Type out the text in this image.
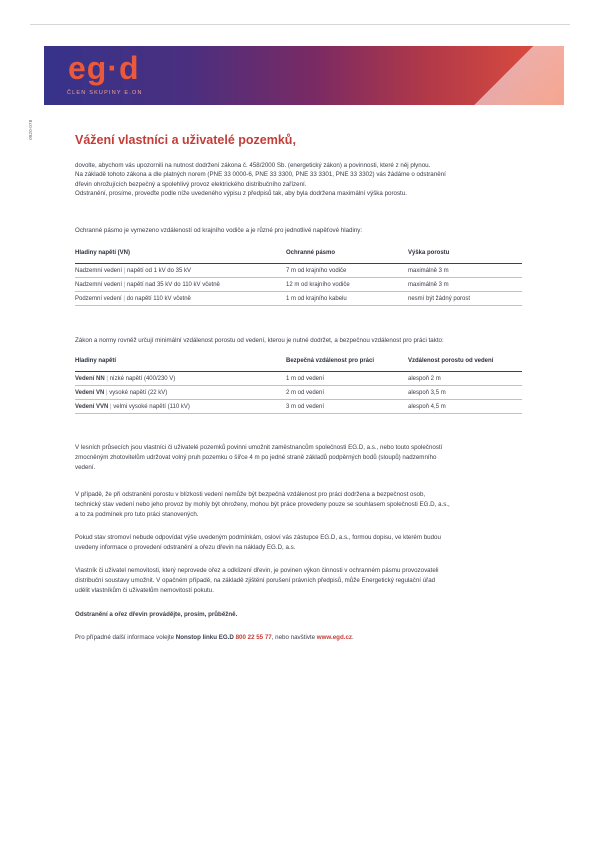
eg·d
ČLEN SKUPINY E.ON
0920-078	Vážení vlastníci a uživatelé pozemků,
dovolte, abychom vás upozornili na nutnost dodržení zákona č. 458/2000 Sb. (energetický zákon) a povinnosti, které z něj plynou.
Na základě tohoto zákona a dle platných norem (PNE 33 0000-6, PNE 33 3300, PNE 33 3301, PNE 33 3302) vás žádáme o odstranění
dřevin ohrožujících bezpečný a spolehlivý provoz elektrického distribučního zařízení.
Odstranění, prosíme, proveďte podle níže uvedeného výpisu z předpisů tak, aby byla dodržena maximální výška porostu.
Ochranné pásmo je vymezeno vzdáleností od krajního vodiče a je různé pro jednotlivé napěťové hladiny:
Hladiny napětí (VN)	Ochranné pásmo	Výška porostu
Nadzemní vedení | napětí od 1 kV do 35 kV	7 m od krajního vodiče	maximálně 3 m
Nadzemní vedení | napětí nad 35 kV do 110 kV včetně	12 m od krajního vodiče	maximálně 3 m
Podzemní vedení | do napětí 110 kV včetně	1 m od krajního kabelu	nesmí být žádný porost
Zákon a normy rovněž určují minimální vzdálenost porostu od vedení, kterou je nutné dodržet, a bezpečnou vzdálenost pro práci takto:
Hladiny napětí	Bezpečná vzdálenost pro práci	Vzdálenost porostu od vedení
Vedení NN | nízké napětí (400/230 V)	1 m od vedení	alespoň 2 m
Vedení VN | vysoké napětí (22 kV)	2 m od vedení	alespoň 3,5 m
Vedení VVN | velmi vysoké napětí (110 kV)	3 m od vedení	alespoň 4,5 m
V lesních průsecích jsou vlastníci či uživatelé pozemků povinni umožnit zaměstnancům společnosti EG.D, a.s., nebo touto společností
zmocněným zhotovitelům udržovat volný pruh pozemku o šířce 4 m po jedné straně základů podpěrných bodů (sloupů) nadzemního
vedení.
V případě, že při odstranění porostu v blízkosti vedení nemůže být bezpečná vzdálenost pro práci dodržena a bezpečnost osob,
technický stav vedení nebo jeho provoz by mohly být ohroženy, mohou být práce provedeny pouze se souhlasem společnosti EG.D, a.s.,
a to za podmínek pro tuto práci stanovených.
Pokud stav stromoví nebude odpovídat výše uvedeným podmínkám, osloví vás zástupce EG.D, a.s., formou dopisu, ve kterém budou
uvedeny informace o provedení odstranění a ořezu dřevin na náklady EG.D, a.s.
Vlastník či uživatel nemovitosti, který neprovede ořez a odklizení dřevin, je povinen výkon činnosti v ochranném pásmu provozovateli
distribuční soustavy umožnit. V opačném případě, na základě zjištění porušení právních předpisů, může Energetický regulační úřad
udělit vlastníkům či uživatelům nemovitostí pokutu.
Odstranění a ořez dřevin provádějte, prosím, průběžně.
Pro případné další informace volejte Nonstop linku EG.D 800 22 55 77, nebo navštivte www.egd.cz.
